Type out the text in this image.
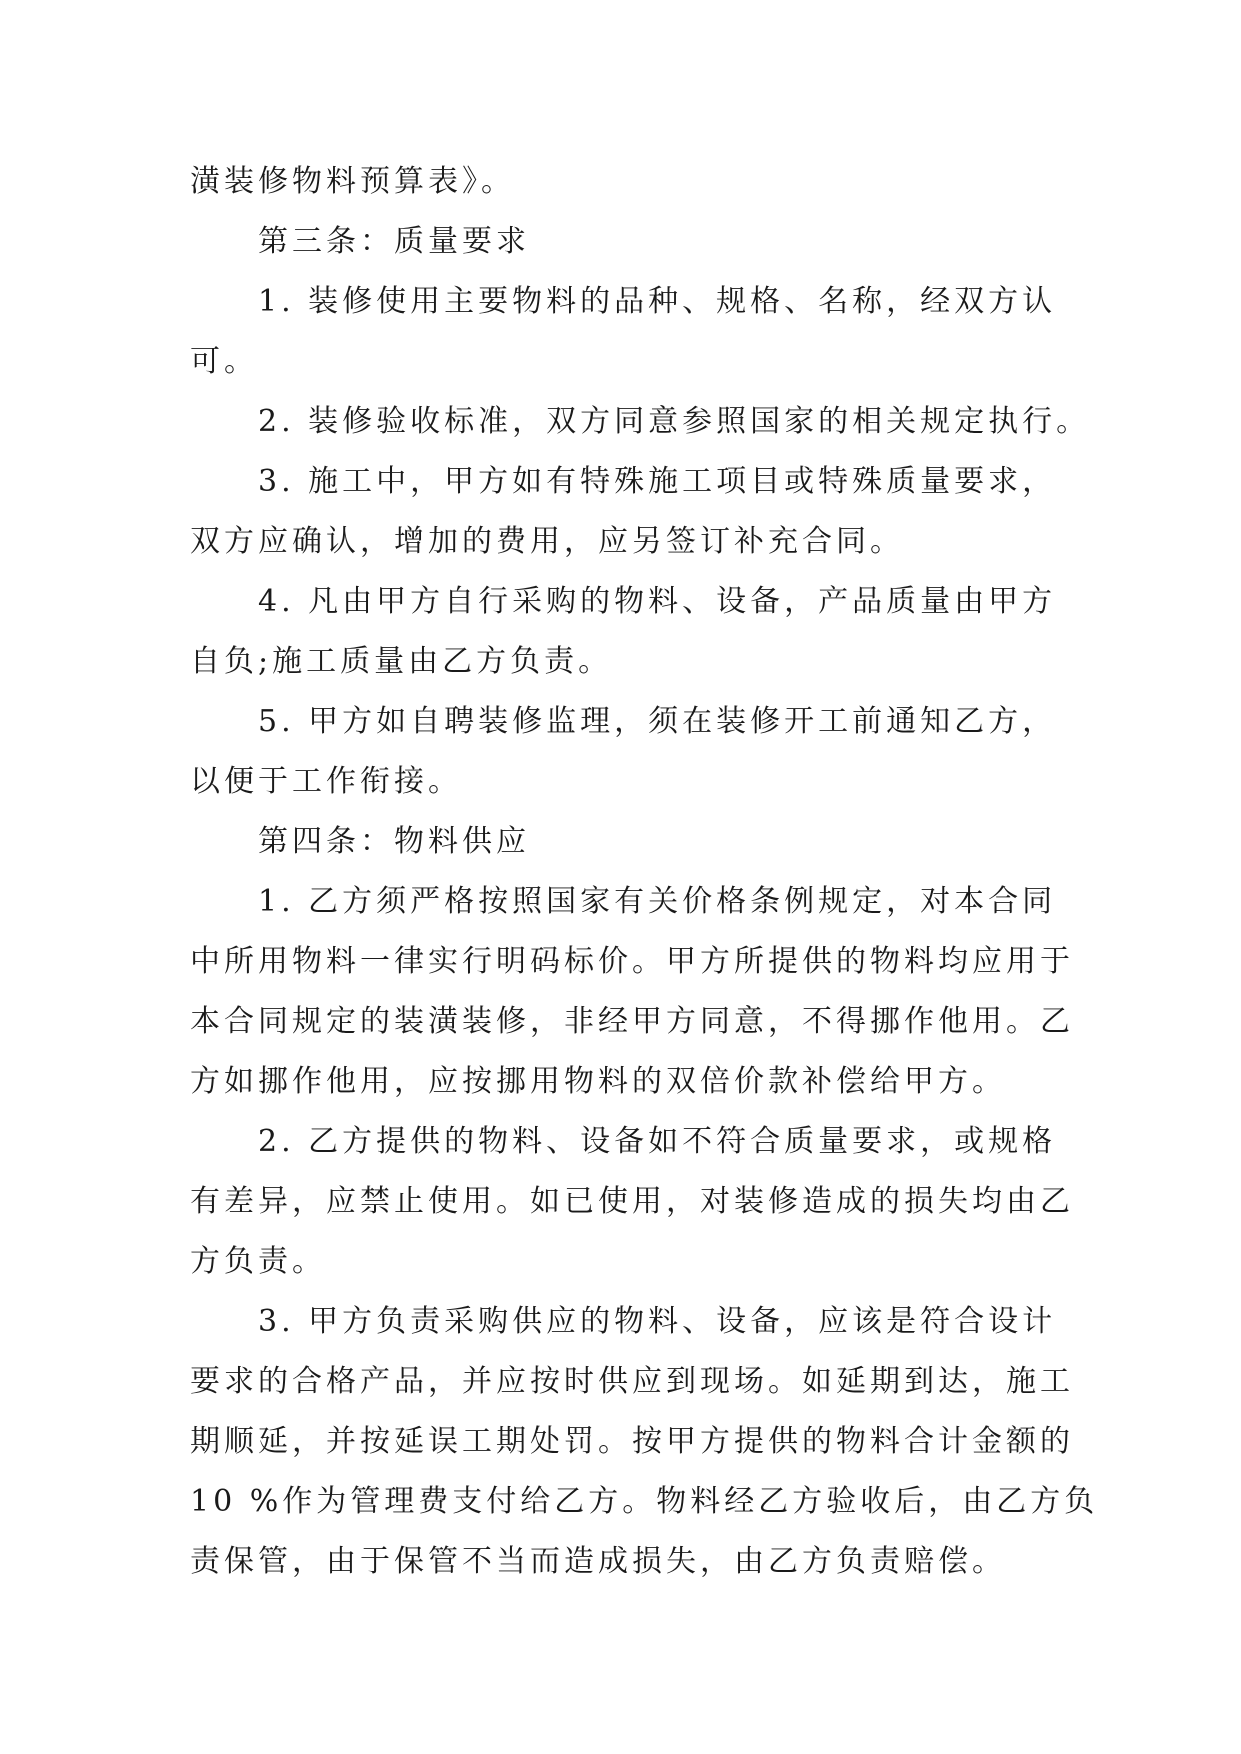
潢装修物料预算表》。
第三条：质量要求
1. 装修使用主要物料的品种、规格、名称，经双方认
可。
2. 装修验收标准，双方同意参照国家的相关规定执行。
3. 施工中，甲方如有特殊施工项目或特殊质量要求，
双方应确认，增加的费用，应另签订补充合同。
4. 凡由甲方自行采购的物料、设备，产品质量由甲方
自负;施工质量由乙方负责。
5. 甲方如自聘装修监理，须在装修开工前通知乙方，
以便于工作衔接。
第四条：物料供应
1. 乙方须严格按照国家有关价格条例规定，对本合同
中所用物料一律实行明码标价。甲方所提供的物料均应用于
本合同规定的装潢装修，非经甲方同意，不得挪作他用。乙
方如挪作他用，应按挪用物料的双倍价款补偿给甲方。
2. 乙方提供的物料、设备如不符合质量要求，或规格
有差异，应禁止使用。如已使用，对装修造成的损失均由乙
方负责。
3. 甲方负责采购供应的物料、设备，应该是符合设计
要求的合格产品，并应按时供应到现场。如延期到达，施工
期顺延，并按延误工期处罚。按甲方提供的物料合计金额的
10 %作为管理费支付给乙方。物料经乙方验收后，由乙方负
责保管，由于保管不当而造成损失，由乙方负责赔偿。
